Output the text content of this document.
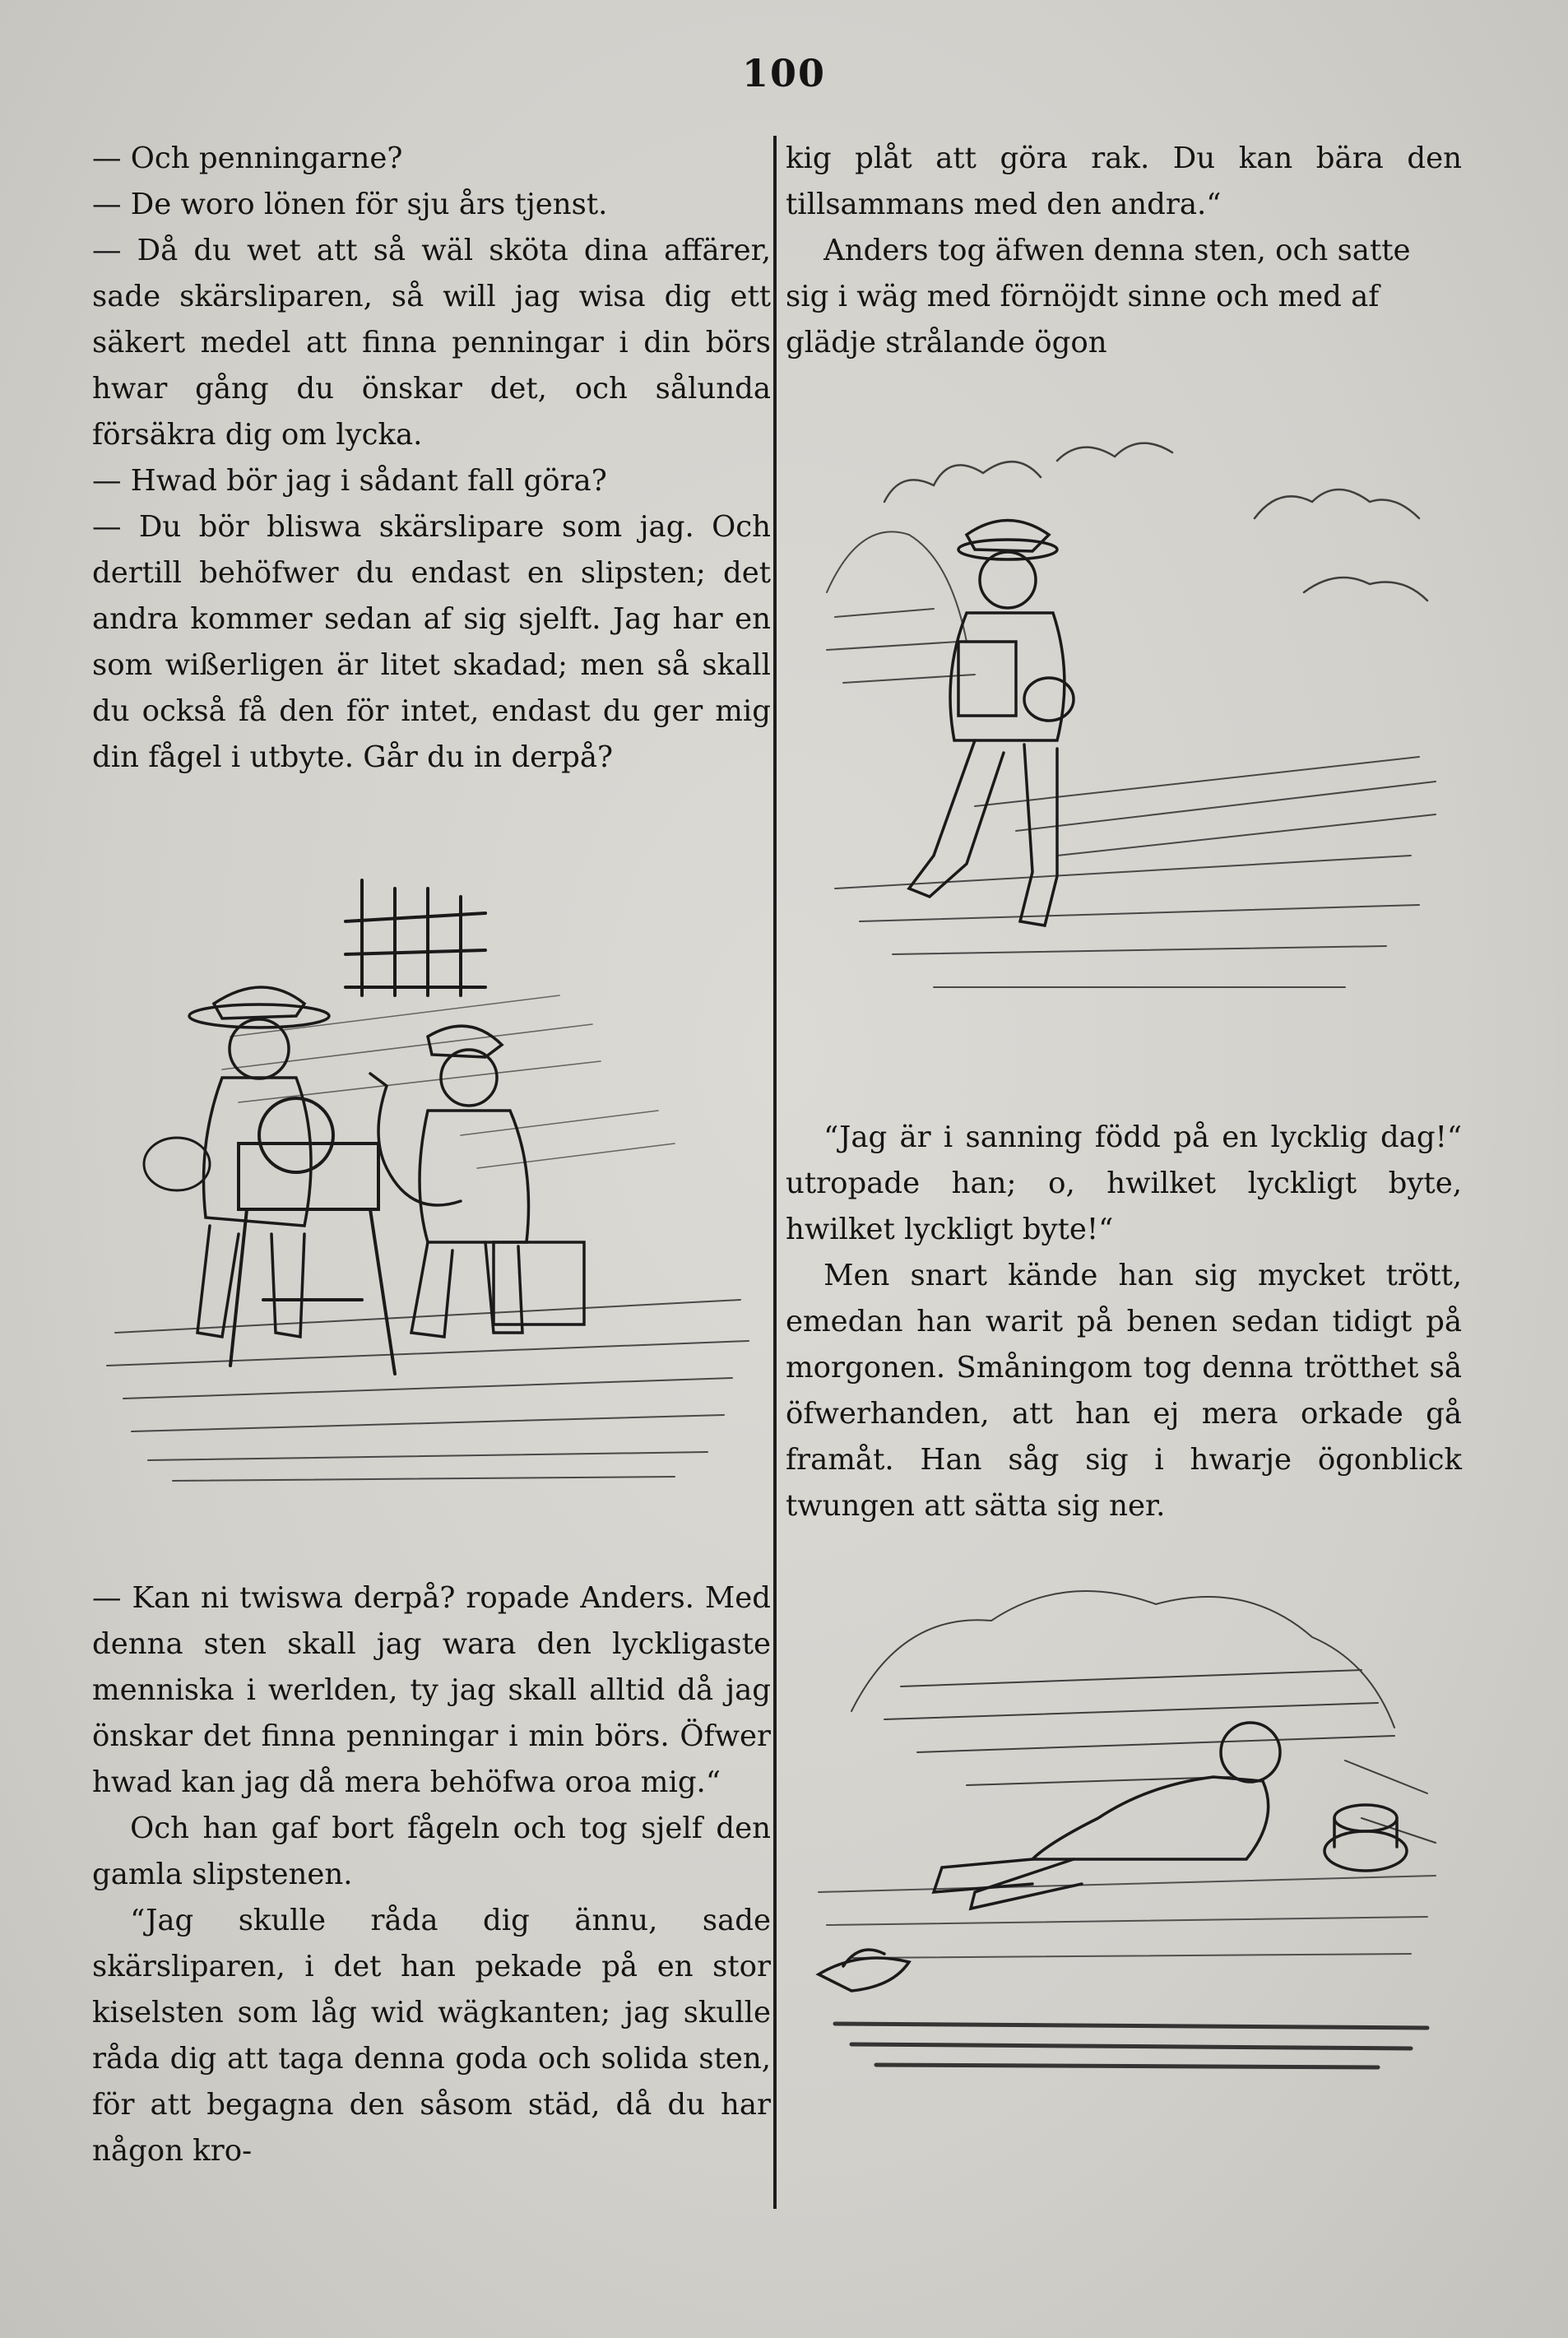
100

— Och penningarne?

— De woro lönen för sju års tjenst.

— Då du wet att så wäl sköta dina affärer, sade skärsliparen, så will jag wisa dig ett säkert medel att finna penningar i din börs hwar gång du önskar det, och sålunda försäkra dig om lycka.

— Hwad bör jag i sådant fall göra?

— Du bör bliswa skärslipare som jag. Och dertill behöfwer du endast en slipsten; det andra kommer sedan af sig sjelft. Jag har en som wißerligen är litet skadad; men så skall du också få den för intet, endast du ger mig din fågel i utbyte. Går du in derpå?

— Kan ni twiswa derpå? ropade Anders. Med denna sten skall jag wara den lyckligaste menniska i werlden, ty jag skall alltid då jag önskar det finna penningar i min börs. Öfwer hwad kan jag då mera behöfwa oroa mig.“

Och han gaf bort fågeln och tog sjelf den gamla slipstenen.

“Jag skulle råda dig ännu, sade skärsliparen, i det han pekade på en stor kiselsten som låg wid wägkanten; jag skulle råda dig att taga denna goda och solida sten, för att begagna den såsom städ, då du har någon kro-

kig plåt att göra rak. Du kan bära den tillsammans med den andra.“

Anders tog äfwen denna sten, och satte sig i wäg med förnöjdt sinne och med af glädje strålande ögon

“Jag är i sanning född på en lycklig dag!“ utropade han; o, hwilket lyckligt byte, hwilket lyckligt byte!“

Men snart kände han sig mycket trött, emedan han warit på benen sedan tidigt på morgonen. Småningom tog denna trötthet så öfwerhanden, att han ej mera orkade gå framåt. Han såg sig i hwarje ögonblick twungen att sätta sig ner.
